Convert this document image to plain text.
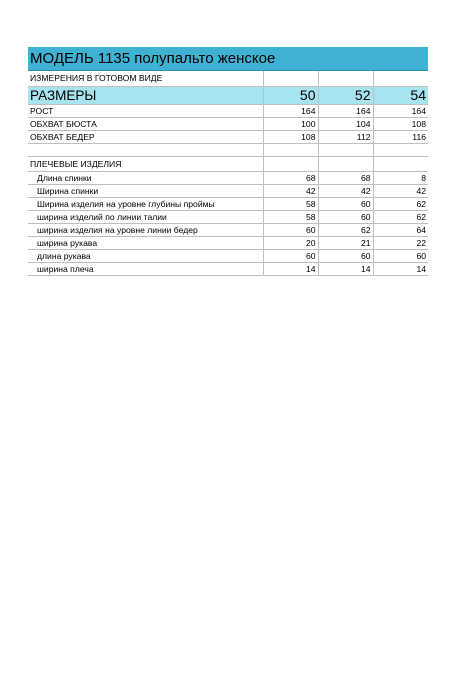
МОДЕЛЬ 1135 полупальто женское			
ИЗМЕРЕНИЯ В ГОТОВОМ ВИДЕ			
РАЗМЕРЫ	50	52	54
РОСТ	164	164	164
ОБХВАТ БЮСТА	100	104	108
ОБХВАТ БЕДЕР	108	112	116

ПЛЕЧЕВЫЕ ИЗДЕЛИЯ			
Длина спинки	68	68	8
Ширина спинки	42	42	42
Ширина изделия на уровне глубины проймы	58	60	62
ширина изделий по линии талии	58	60	62
ширина изделия на уровне линии бедер	60	62	64
ширина рукава	20	21	22
длина рукава	60	60	60
ширина плеча	14	14	14
